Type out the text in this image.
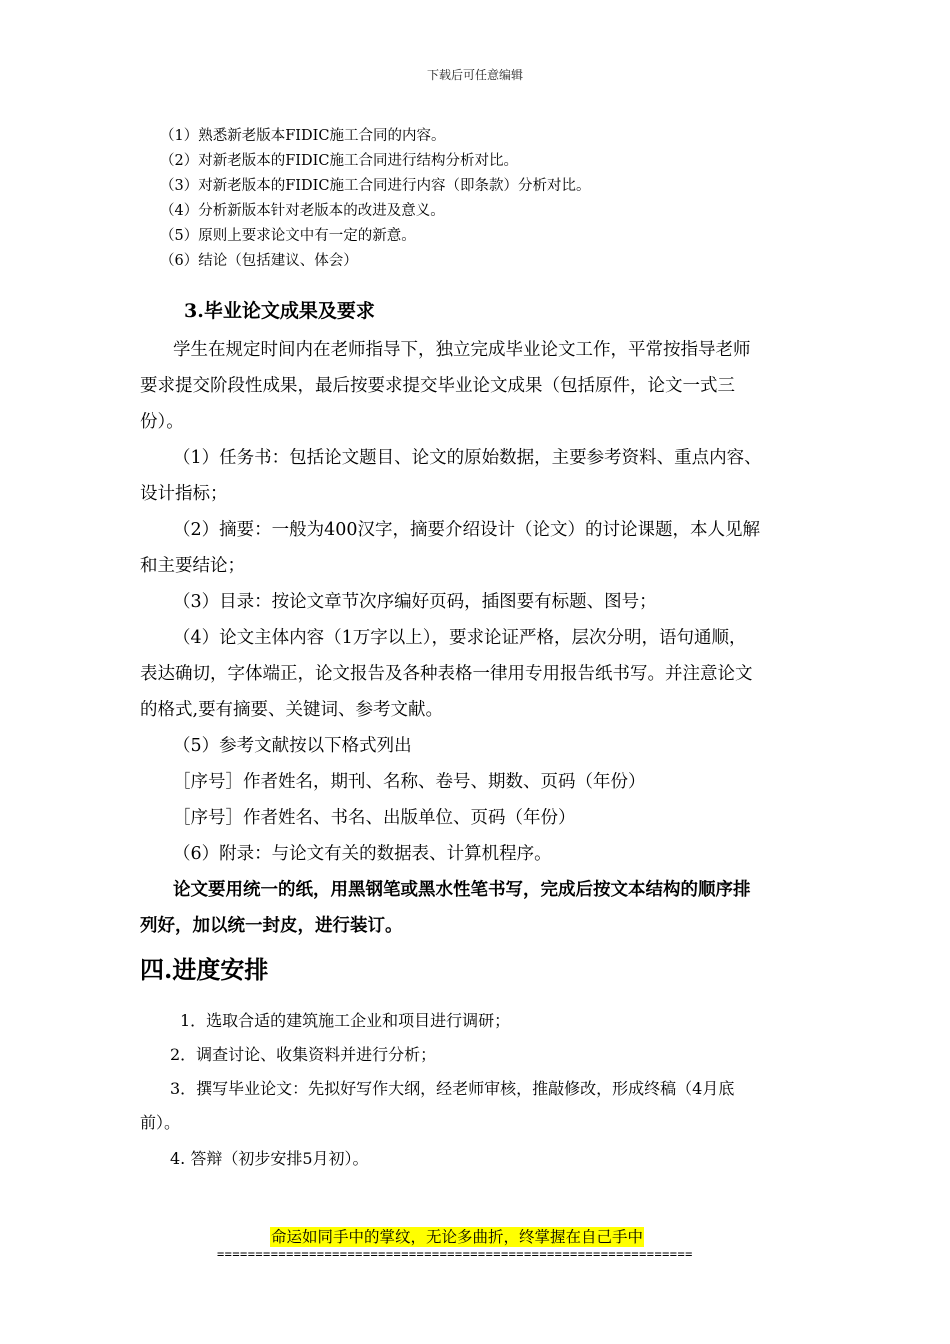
下载后可任意编辑
（1）熟悉新老版本FIDIC施工合同的内容。
（2）对新老版本的FIDIC施工合同进行结构分析对比。
（3）对新老版本的FIDIC施工合同进行内容（即条款）分析对比。
（4）分析新版本针对老版本的改进及意义。
（5）原则上要求论文中有一定的新意。
（6）结论（包括建议、体会）
3.毕业论文成果及要求
学生在规定时间内在老师指导下，独立完成毕业论文工作，平常按指导老师
要求提交阶段性成果，最后按要求提交毕业论文成果（包括原件，论文一式三
份）。
（1）任务书：包括论文题目、论文的原始数据，主要参考资料、重点内容、
设计指标；
（2）摘要：一般为400汉字，摘要介绍设计（论文）的讨论课题，本人见解
和主要结论；
（3）目录：按论文章节次序编好页码，插图要有标题、图号；
（4）论文主体内容（1万字以上），要求论证严格，层次分明，语句通顺，
表达确切，字体端正，论文报告及各种表格一律用专用报告纸书写。并注意论文
的格式,要有摘要、关键词、参考文献。
（5）参考文献按以下格式列出
［序号］作者姓名，期刊、名称、卷号、期数、页码（年份）
［序号］作者姓名、书名、出版单位、页码（年份）
（6）附录：与论文有关的数据表、计算机程序。
论文要用统一的纸，用黑钢笔或黑水性笔书写，完成后按文本结构的顺序排
列好，加以统一封皮，进行装订。
四.进度安排
1．选取合适的建筑施工企业和项目进行调研；
2．调查讨论、收集资料并进行分析；
3．撰写毕业论文：先拟好写作大纲，经老师审核，推敲修改，形成终稿（4月底
前）。
4. 答辩（初步安排5月初）。
命运如同手中的掌纹，无论多曲折，终掌握在自己手中
==============================================================
